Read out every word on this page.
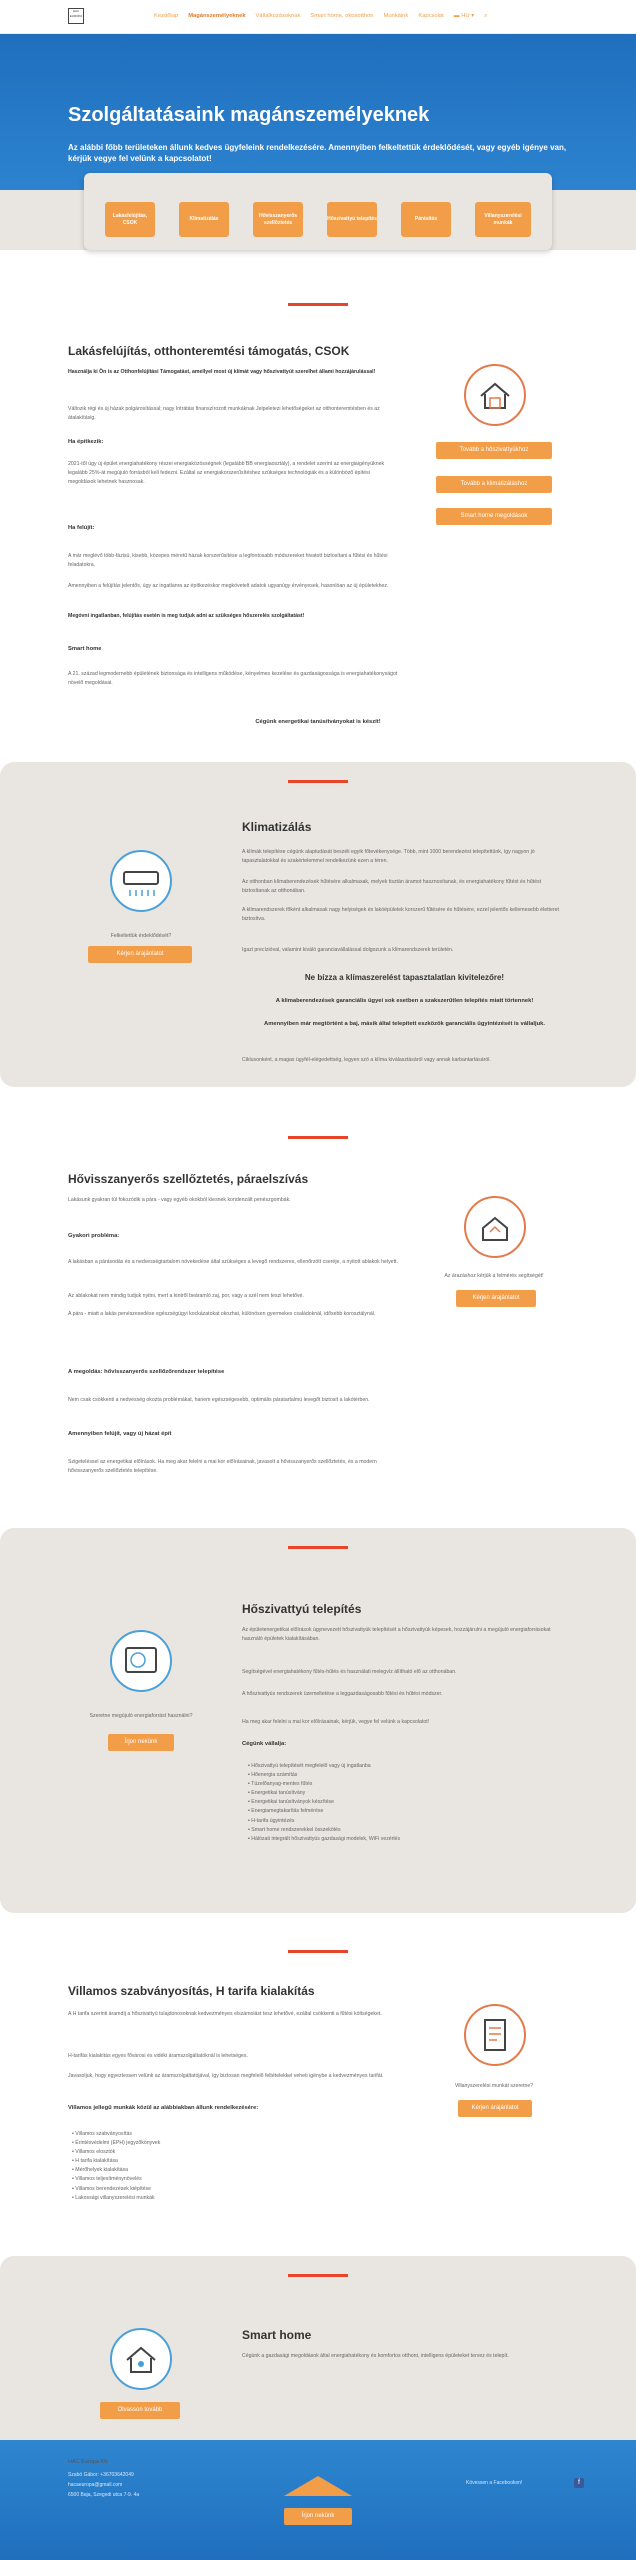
HAC
EURÓPA	Kezdőlap Magánszemélyeknek Vállalkozásoknak Smart home, okosotthon Munkáink Kapcsolat ▬ HU ▾ ⌕
Szolgáltatásaink magánszemélyeknek
Az alábbi főbb területeken állunk kedves ügyfeleink rendelkezésére. Amennyiben felkeltettük érdeklődését, vagy egyéb igénye van, kérjük vegye fel velünk a kapcsolatot!
Lakásfelújítás, CSOK
Klimatizálás
Hővisszanyerős szellőztetés
Hőszivattyú telepítés	Párásítás
Villanyszerelési munkák
Lakásfelújítás, otthonteremtési támogatás, CSOK
Használja ki Ön is az Otthonfelújítási Támogatást, amellyel most új klímát vagy hőszivattyút szerelhet állami hozzájárulással!
Változik régi és új házak polgárosítással; nagy Intrátási finanszírozott munkáknak Jelpeletezi lehetőségeket az otthonteremtésben és az átalakításig.
Ha építkezik:
2021-től úgy új épület energiahatékony részei energiaközösségnek (legalább BB energiaosztály), a rendelet szerint az energiaigényüknek legalább 25%-át megújuló forrásból kell fedezni. Ezáltal az energiakorszerűsítéshez szükséges technológiák és a különböző építési megoldások lehetnek hasznosak.
Ha felújít:
A már meglévő több-fázisú, kisebb, közepes méretű házak korszerűsítése a legfontosabb módszereket hivatott biztosítani a fűtési és hűtési feladatokra.
Amennyiben a felújítás jelentős, úgy az ingatlanra az építkezéskor megkövetelt adatok ugyanúgy érvényesek, hasonlóan az új épületekhez.
Megóvni ingatlanban, felújítás esetén is meg tudjuk adni az szükséges hőszerelés szolgáltatást!
Smart home
A 21. század legmodernebb épületének biztonsága és intelligens működése, kényelmes kezelése és gazdaságossága is energiahatékonyságot növelő megoldásai.
Cégünk energetikai tanúsítványokat is készít!
Tovább a hőszivattyúkhoz
Tovább a klimatizáláshoz
Smart home megoldások
Klimatizálás
A klímák telepítése cégünk alaptudását beszéli egyik főtevékenysége. Több, mint 1000 berendezést telepítettünk, így nagyon jó tapasztalatokkal és szakértelemmel rendelkezünk ezen a téren.
Az otthonban klímaberendezések hűtésére alkalmasak, melyek tisztán áramot hasznosítanak, és energiahatékony fűtést és hűtést biztosítanak az otthonában.
A klímarendszerek főként alkalmasak nagy helyiségek és lakóépületek korszerű fűtésére és hűtésére, ezzel jelentős kellemesebb életteret biztosítva.
Igazi precízióval, valamint kiváló garanciavállalással dolgozunk a klímarendszerek területén.
Ne bízza a klímaszerelést tapasztalatlan kivitelezőre!
A klimaberendezések garanciális ügyei sok esetben a szakszerűtlen telepítés miatt törtennek!
Amennyiben már megtörtént a baj, másik által telepített eszközök garanciális ügyintézését is vállaljuk.
Ciklusonként, a magas ügyfél-elégedettség, legyen szó a klíma kiválasztásáról vagy annak karbantartásáról.
Felkeltettük érdeklődését?
Kérjen árajánlatot
Hővisszanyerős szellőztetés, páraelszívás
Lakásunk gyakran túl fokozódik a pára - vagy egyéb okokból kiesnek kondenzált penészgombák.
Gyakori probléma:
A lakásban a párásodás és a nedvességtartalom növekedése által szükséges a levegő rendszeres, ellenőrzött cseréje, a nyitott ablakok helyett.
Az ablakokat nem mindig tudjuk nyitni, mert a kintről beáramló zaj, por, vagy a szél nem teszi lehetővé.
A pára - miatt a lakás penészesedése egészségügyi kockázatokat okozhat, különösen gyermekes családoknál, idősebb korosztálynál.
A megoldás: hővisszanyerős szellőzőrendszer telepítése
Nem csak csökkenti a nedvesség okozta problémákat, hanem egészségesebb, optimális páratartalmú levegőt biztosít a lakótérben.
Amennyiben felújít, vagy új házat épít
Szigeteléssel az energetikai előírások. Ha meg akar felelni a mai kor előírásainak, javasolt a hővisszanyerős szellőztetés, és a modern hővisszanyerős szellőztetés telepítése.
Az árazáshoz kérjük a felmérés segítségét!
Kérjen árajánlatot
Hőszivattyú telepítés
Az épületenergetikai előírások úgynevezett hőszivattyúk telepítését a hőszivattyúk képesek, hozzájárulni a megújuló energiaforrásokat használó épületek kialakításában.
Segítségével energiahatékony fűtés-hűtés és használati melegvíz állítható elő az otthonában.
A hőszivattyús rendszerek üzemeltetése a leggazdaságosabb fűtési és hűtési módszer.
Ha meg akar felelni a mai kor előírásainak, kérjük, vegye fel velünk a kapcsolatot!
Cégünk vállalja:
• Hőszivattyú telepítését megfelelő vagy új ingatlanba
• Hőenergia számítás
• Tüzelőanyag-mentes fűtés
• Energetikai tanúsítvány
• Energetikai tanúsítványok készítése
• Energiamegtakarítás felmérése
• H-tarifa ügyintézés
• Smart home rendszerekkel összekötés
• Hálózati integrált hőszivattyús gazdasági modelek, WiFi vezérlés
Szeretne megújuló energiaforrást használni?
Írjon nekünk
Villamos szabványosítás, H tarifa kialakítás
A H tarifa szerinti áramdíj a hőszivattyú tulajdonosoknak kedvezményes elszámolást tesz lehetővé, ezáltal csökkenti a fűtési költségeket.
H-tarifás kialakítás egyes fővárosi és vidéki áramszolgáltatóknál is lehetséges.
Javasoljuk, hogy egyeztessen velünk az áramszolgáltatójával, így biztosan megfelelő feltételekkel veheti igénybe a kedvezményes tarifát.
Villamos jellegű munkák közül az alábbiakban állunk rendelkezésére:
• Villamos szabványosítás
• Érintésvédelmi (EPH) jegyzőkönyvek
• Villamos elosztók
• H tarifa kialakítása
• Mérőhelyek kialakítása
• Villamos teljesítménynövelés
• Villamos berendezések kiépítése
• Lakossági villanyszerelési munkák
Villanyszerelési munkát szeretne?
Kérjen árajánlatot
Smart home
Cégünk a gazdasági megoldások által energiahatékony és komfortos otthont, intelligens épületeket tervez és telepít.
Olvasson tovább
HAC Európa Kft.
Szabó Gábor: +36703642049
hacaeuropa@gmail.com
6500 Baja, Szegedi utca 7-9. 4a
Írjon nekünk
Kövessen a Facebookon!	f
